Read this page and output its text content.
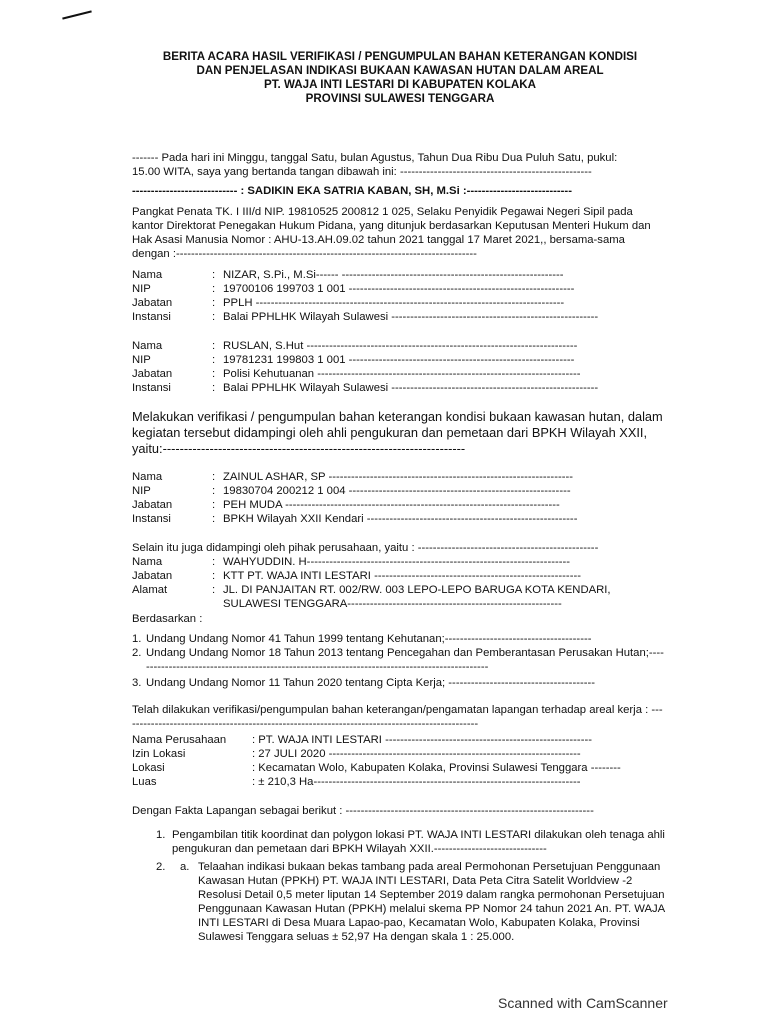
BERITA ACARA HASIL VERIFIKASI / PENGUMPULAN BAHAN KETERANGAN KONDISI
DAN PENJELASAN INDIKASI BUKAAN KAWASAN HUTAN DALAM AREAL
PT. WAJA INTI LESTARI DI KABUPATEN KOLAKA
PROVINSI SULAWESI TENGGARA
------- Pada hari ini Minggu, tanggal Satu, bulan Agustus, Tahun Dua Ribu Dua Puluh Satu, pukul:
15.00 WITA, saya yang bertanda tangan dibawah ini: ---------------------------------------------------
---------------------------- : SADIKIN EKA SATRIA KABAN, SH, M.Si :----------------------------
Pangkat Penata TK. I III/d NIP. 19810525 200812 1 025, Selaku Penyidik Pegawai Negeri Sipil pada kantor Direktorat Penegakan Hukum Pidana, yang ditunjuk berdasarkan Keputusan Menteri Hukum dan Hak Asasi Manusia Nomor : AHU-13.AH.09.02 tahun 2021 tanggal 17 Maret 2021,, bersama-sama dengan :--------------------------------------------------------------------------------
Nama	: NIZAR, S.Pi., M.Si------ -----------------------------------------------------------
NIP	: 19700106 199703 1 001 ------------------------------------------------------------
Jabatan	: PPLH ----------------------------------------------------------------------------------
Instansi	: Balai PPHLHK Wilayah Sulawesi -------------------------------------------------------
Nama	: RUSLAN, S.Hut ------------------------------------------------------------------------
NIP	: 19781231 199803 1 001 ------------------------------------------------------------
Jabatan	: Polisi Kehutuanan ----------------------------------------------------------------------
Instansi	: Balai PPHLHK Wilayah Sulawesi -------------------------------------------------------
Melakukan verifikasi / pengumpulan bahan keterangan kondisi bukaan kawasan hutan, dalam kegiatan tersebut didampingi oleh ahli pengukuran dan pemetaan dari BPKH Wilayah XXII, yaitu:-----------------------------------------------------------------------
Nama	: ZAINUL ASHAR, SP -----------------------------------------------------------------
NIP	: 19830704 200212 1 004 -----------------------------------------------------------
Jabatan	: PEH MUDA -------------------------------------------------------------------------
Instansi	: BPKH Wilayah XXII Kendari --------------------------------------------------------
Selain itu juga didampingi oleh pihak perusahaan, yaitu : ------------------------------------------------
Nama	: WAHYUDDIN. H----------------------------------------------------------------------
Jabatan	: KTT PT. WAJA INTI LESTARI -------------------------------------------------------
Alamat	: JL. DI PANJAITAN RT. 002/RW. 003 LEPO-LEPO BARUGA KOTA KENDARI,
SULAWESI TENGGARA---------------------------------------------------------
Berdasarkan :
1. Undang Undang Nomor 41 Tahun 1999 tentang Kehutanan;---------------------------------------
2. Undang Undang Nomor 18 Tahun 2013 tentang Pencegahan dan Pemberantasan Perusakan Hutan;-----------------------------------------------------------------------------------------------
3. Undang Undang Nomor 11 Tahun 2020 tentang Cipta Kerja; ---------------------------------------
Telah dilakukan verifikasi/pengumpulan bahan keterangan/pengamatan lapangan terhadap areal kerja : -----------------------------------------------------------------------------------------------
Nama Perusahaan : PT. WAJA INTI LESTARI -------------------------------------------------------
Izin Lokasi	: 27 JULI 2020 -------------------------------------------------------------------
Lokasi	: Kecamatan Wolo, Kabupaten Kolaka, Provinsi Sulawesi Tenggara --------
Luas	: ± 210,3 Ha-----------------------------------------------------------------------
Dengan Fakta Lapangan sebagai berikut : ------------------------------------------------------------------
1. Pengambilan titik koordinat dan polygon lokasi PT. WAJA INTI LESTARI dilakukan oleh tenaga ahli pengukuran dan pemetaan dari BPKH Wilayah XXII.------------------------------
2. a. Telaahan indikasi bukaan bekas tambang pada areal Permohonan Persetujuan Penggunaan Kawasan Hutan (PPKH) PT. WAJA INTI LESTARI, Data Peta Citra Satelit Worldview -2 Resolusi Detail 0,5 meter liputan 14 September 2019 dalam rangka permohonan Persetujuan Penggunaan Kawasan Hutan (PPKH) melalui skema PP Nomor 24 tahun 2021 An. PT. WAJA INTI LESTARI di Desa Muara Lapao-pao, Kecamatan Wolo, Kabupaten Kolaka, Provinsi Sulawesi Tenggara seluas ± 52,97 Ha dengan skala 1 : 25.000.
Scanned with CamScanner
